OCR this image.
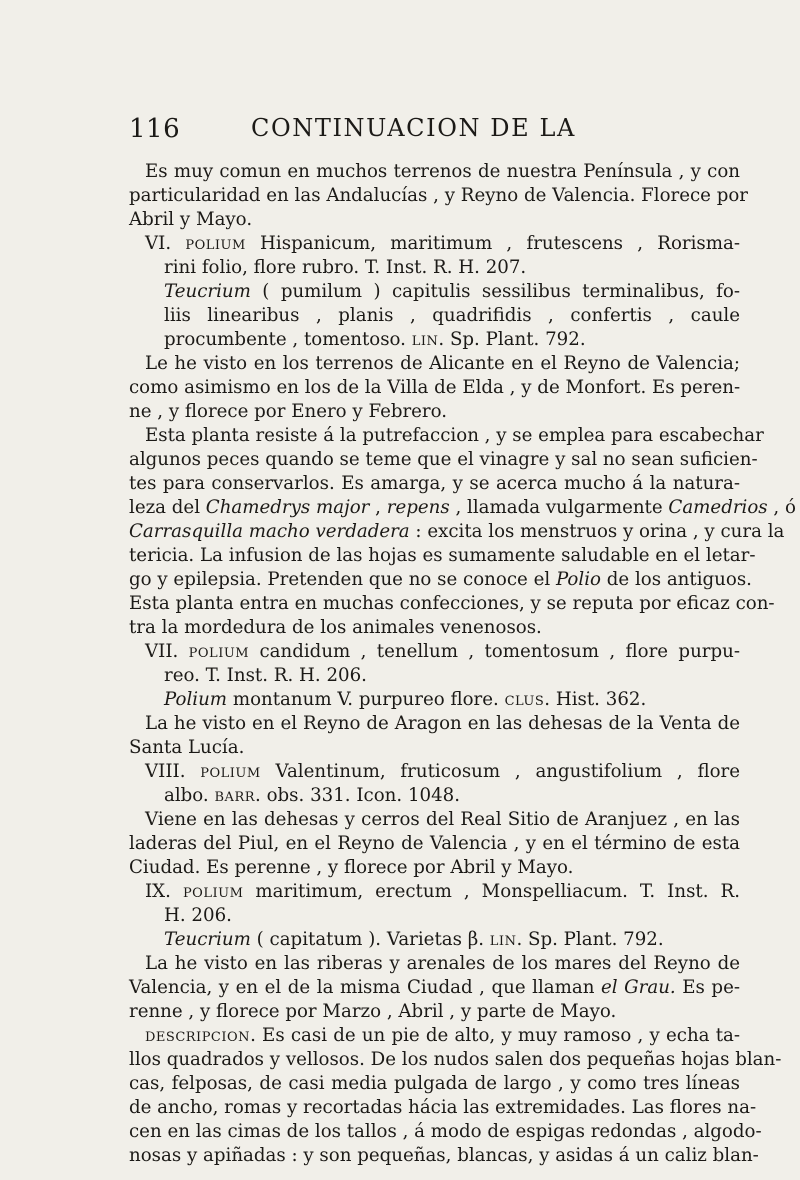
116	CONTINUACION DE LA
Es muy comun en muchos terrenos de nuestra Península , y con
particularidad en las Andalucías , y Reyno de Valencia. Florece por
Abril y Mayo.
VI. polium Hispanicum, maritimum , frutescens , Rorisma-
rini folio, flore rubro. T. Inst. R. H. 207.
Teucrium ( pumilum ) capitulis sessilibus terminalibus, fo-
liis linearibus , planis , quadrifidis , confertis , caule
procumbente , tomentoso. lin. Sp. Plant. 792.
Le he visto en los terrenos de Alicante en el Reyno de Valencia;
como asimismo en los de la Villa de Elda , y de Monfort. Es peren-
ne , y florece por Enero y Febrero.
Esta planta resiste á la putrefaccion , y se emplea para escabechar
algunos peces quando se teme que el vinagre y sal no sean suficien-
tes para conservarlos. Es amarga, y se acerca mucho á la natura-
leza del Chamedrys major , repens , llamada vulgarmente Camedrios , ó
Carrasquilla macho verdadera : excita los menstruos y orina , y cura la
tericia. La infusion de las hojas es sumamente saludable en el letar-
go y epilepsia. Pretenden que no se conoce el Polio de los antiguos.
Esta planta entra en muchas confecciones, y se reputa por eficaz con-
tra la mordedura de los animales venenosos.
VII. polium candidum , tenellum , tomentosum , flore purpu-
reo. T. Inst. R. H. 206.
Polium montanum V. purpureo flore. clus. Hist. 362.
La he visto en el Reyno de Aragon en las dehesas de la Venta de
Santa Lucía.
VIII. polium Valentinum, fruticosum , angustifolium , flore
albo. barr. obs. 331. Icon. 1048.
Viene en las dehesas y cerros del Real Sitio de Aranjuez , en las
laderas del Piul, en el Reyno de Valencia , y en el término de esta
Ciudad. Es perenne , y florece por Abril y Mayo.
IX. polium maritimum, erectum , Monspelliacum. T. Inst. R.
H. 206.
Teucrium ( capitatum ). Varietas β. lin. Sp. Plant. 792.
La he visto en las riberas y arenales de los mares del Reyno de
Valencia, y en el de la misma Ciudad , que llaman el Grau. Es pe-
renne , y florece por Marzo , Abril , y parte de Mayo.
descripcion. Es casi de un pie de alto, y muy ramoso , y echa ta-
llos quadrados y vellosos. De los nudos salen dos pequeñas hojas blan-
cas, felposas, de casi media pulgada de largo , y como tres líneas
de ancho, romas y recortadas hácia las extremidades. Las flores na-
cen en las cimas de los tallos , á modo de espigas redondas , algodo-
nosas y apiñadas : y son pequeñas, blancas, y asidas á un caliz blan-
